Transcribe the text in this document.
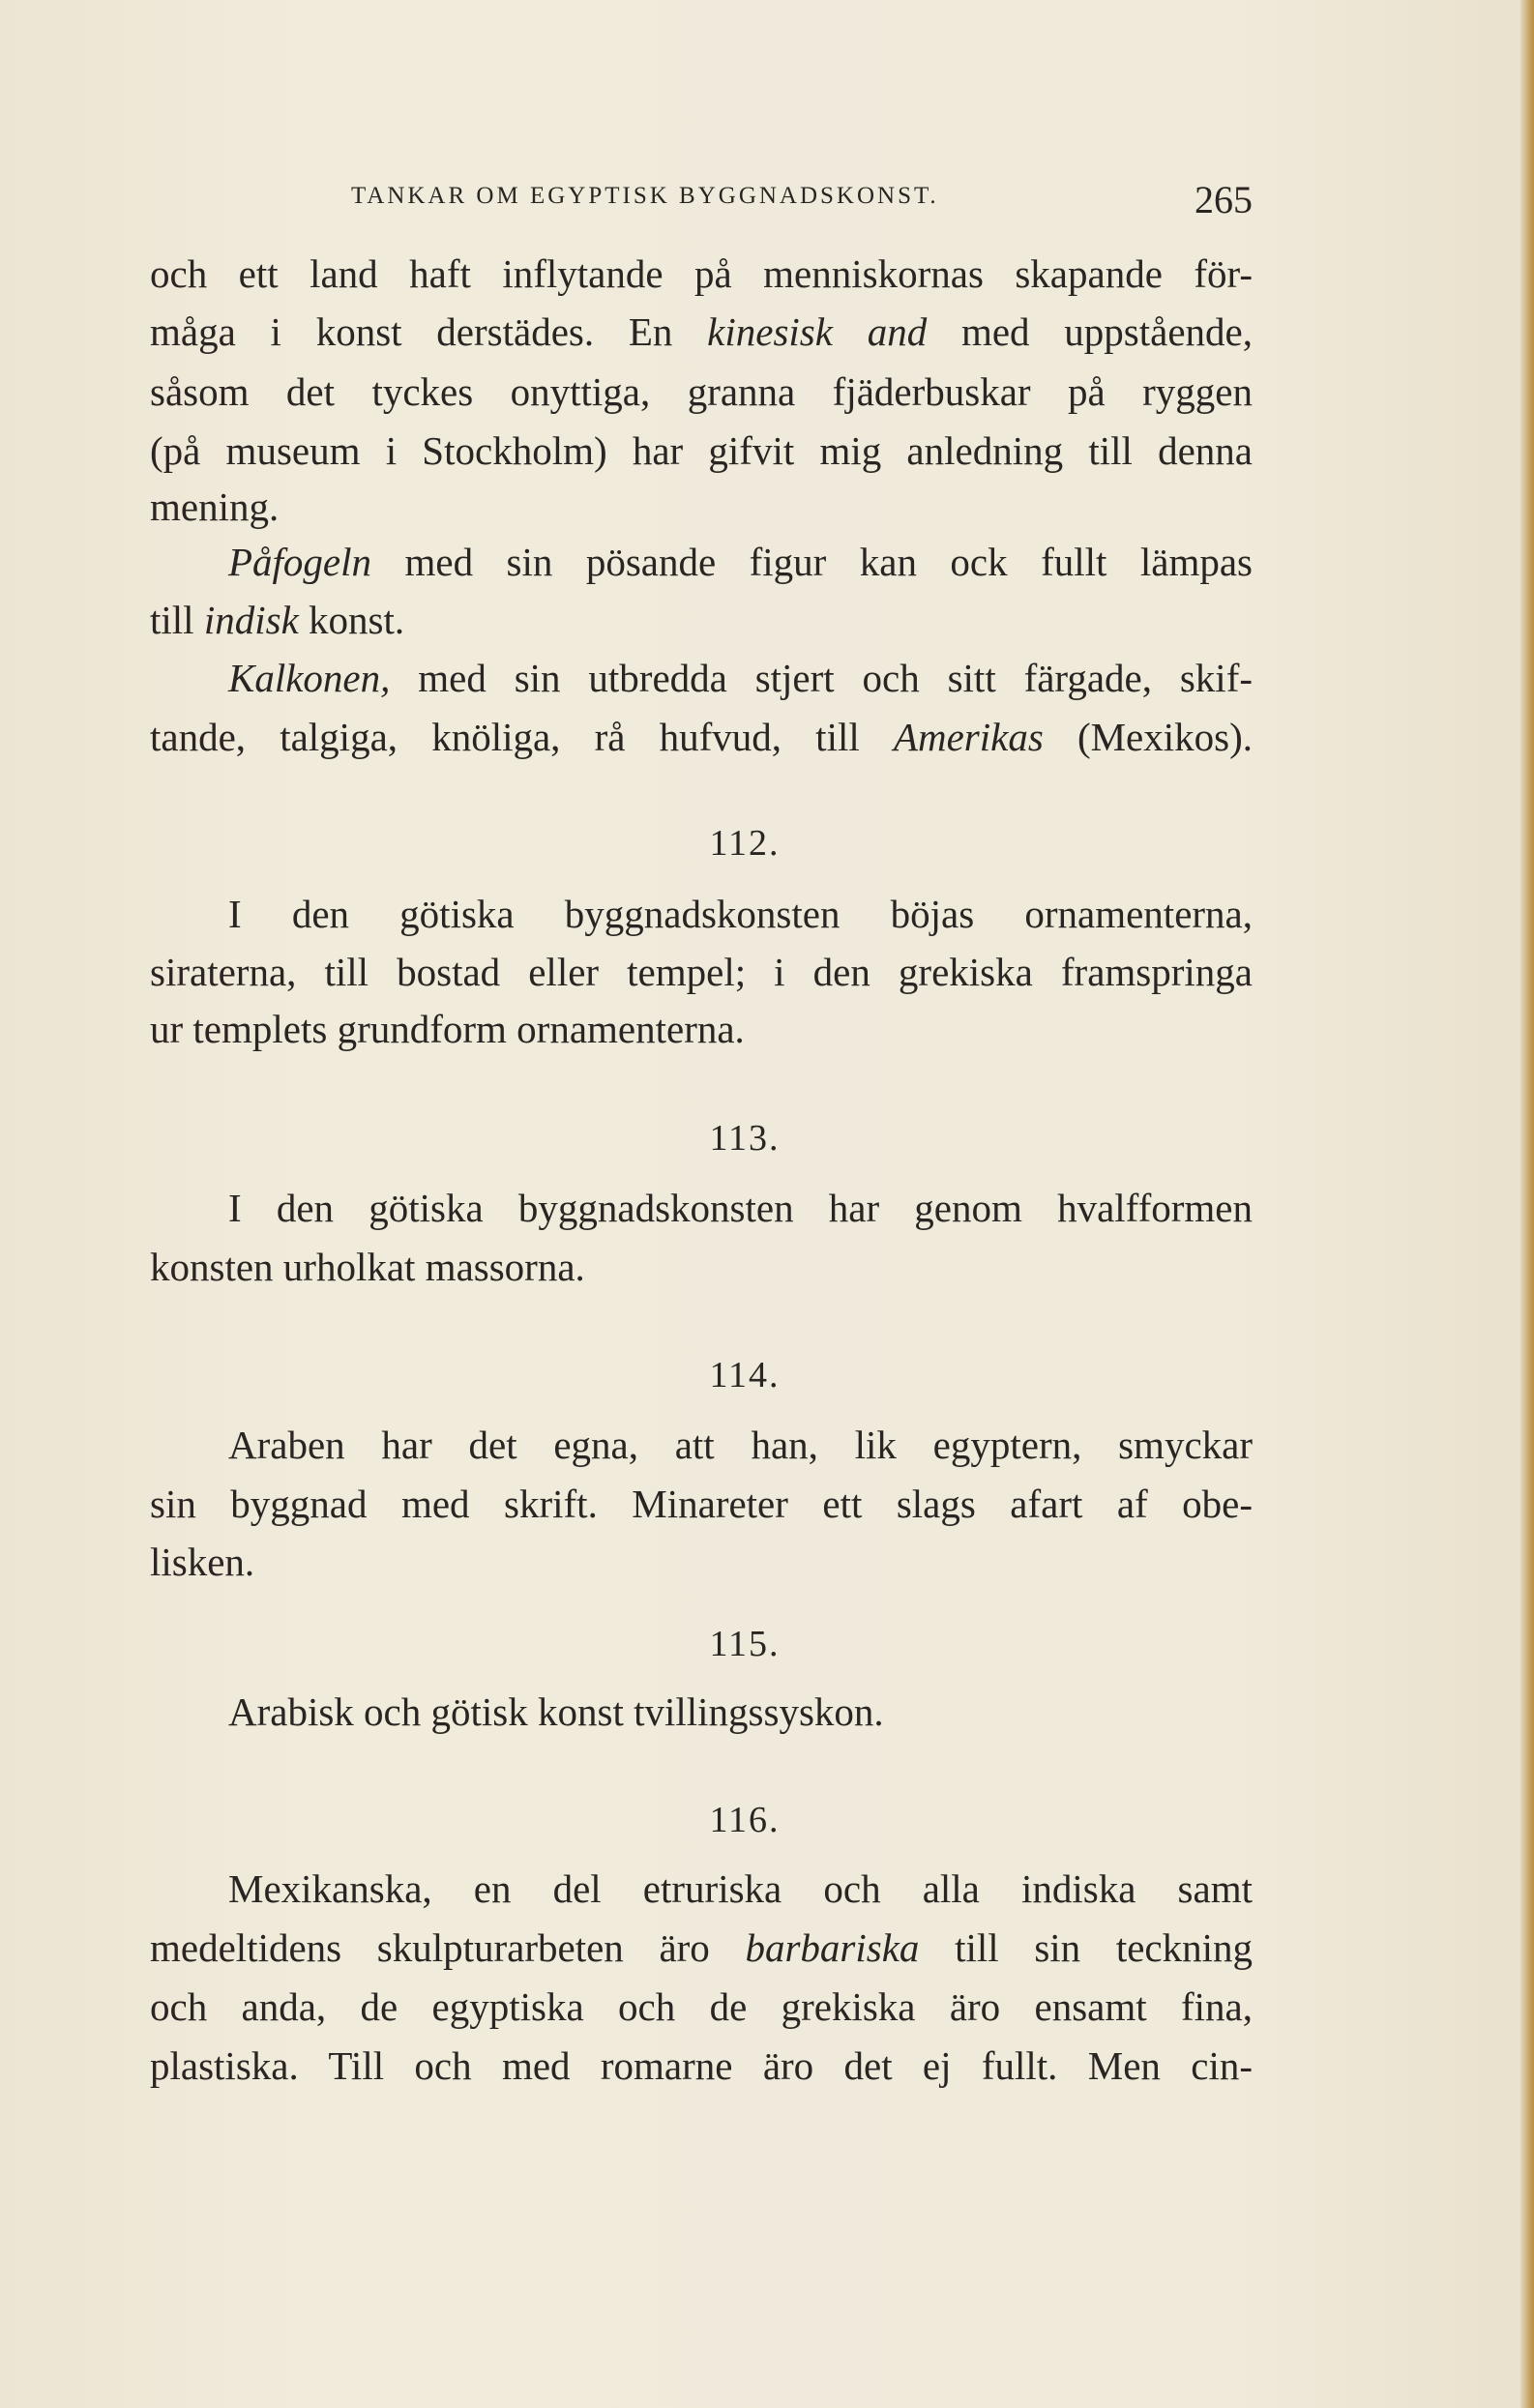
TANKAR OM EGYPTISK BYGGNADSKONST.	265
och ett land haft inflytande på menniskornas skapande för-
måga i konst derstädes. En kinesisk and med uppstående,
såsom det tyckes onyttiga, granna fjäderbuskar på ryggen
(på museum i Stockholm) har gifvit mig anledning till denna
mening.
Påfogeln med sin pösande figur kan ock fullt lämpas
till indisk konst.
Kalkonen, med sin utbredda stjert och sitt färgade, skif-
tande, talgiga, knöliga, rå hufvud, till Amerikas (Mexikos).
112.
I den götiska byggnadskonsten böjas ornamenterna,
siraterna, till bostad eller tempel; i den grekiska framspringa
ur templets grundform ornamenterna.
113.
I den götiska byggnadskonsten har genom hvalfformen
konsten urholkat massorna.
114.
Araben har det egna, att han, lik egyptern, smyckar
sin byggnad med skrift. Minareter ett slags afart af obe-
lisken.
115.
Arabisk och götisk konst tvillingssyskon.
116.
Mexikanska, en del etruriska och alla indiska samt
medeltidens skulpturarbeten äro barbariska till sin teckning
och anda, de egyptiska och de grekiska äro ensamt fina,
plastiska. Till och med romarne äro det ej fullt. Men cin-
